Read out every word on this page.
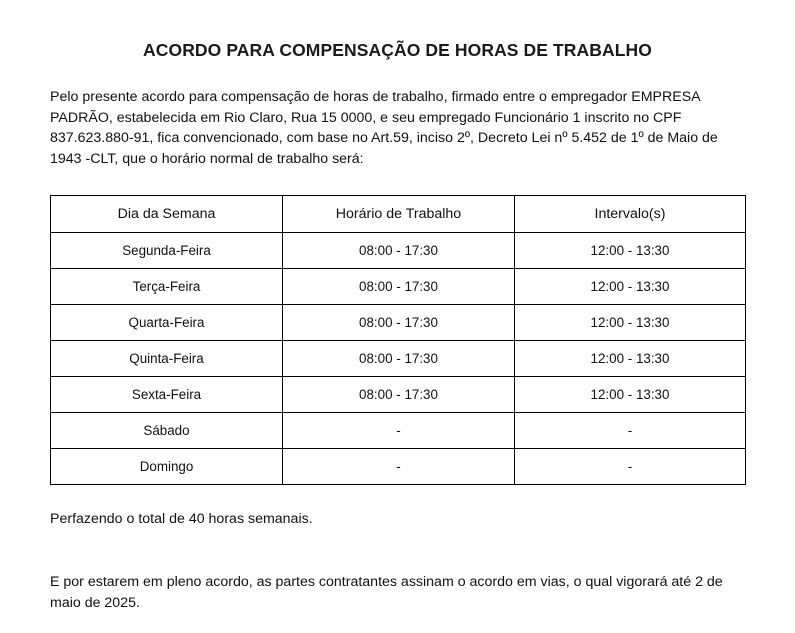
ACORDO PARA COMPENSAÇÃO DE HORAS DE TRABALHO

Pelo presente acordo para compensação de horas de trabalho, firmado entre o empregador EMPRESA PADRÃO, estabelecida em Rio Claro, Rua 15 0000, e seu empregado Funcionário 1 inscrito no CPF 837.623.880-91, fica convencionado, com base no Art.59, inciso 2º, Decreto Lei nº 5.452 de 1º de Maio de 1943 -CLT, que o horário normal de trabalho será:

Dia da Semana	Horário de Trabalho	Intervalo(s)
Segunda-Feira	08:00 - 17:30	12:00 - 13:30
Terça-Feira	08:00 - 17:30	12:00 - 13:30
Quarta-Feira	08:00 - 17:30	12:00 - 13:30
Quinta-Feira	08:00 - 17:30	12:00 - 13:30
Sexta-Feira	08:00 - 17:30	12:00 - 13:30
Sábado	-	-
Domingo	-	-

Perfazendo o total de 40 horas semanais.

E por estarem em pleno acordo, as partes contratantes assinam o acordo em vias, o qual vigorará até 2 de maio de 2025.
